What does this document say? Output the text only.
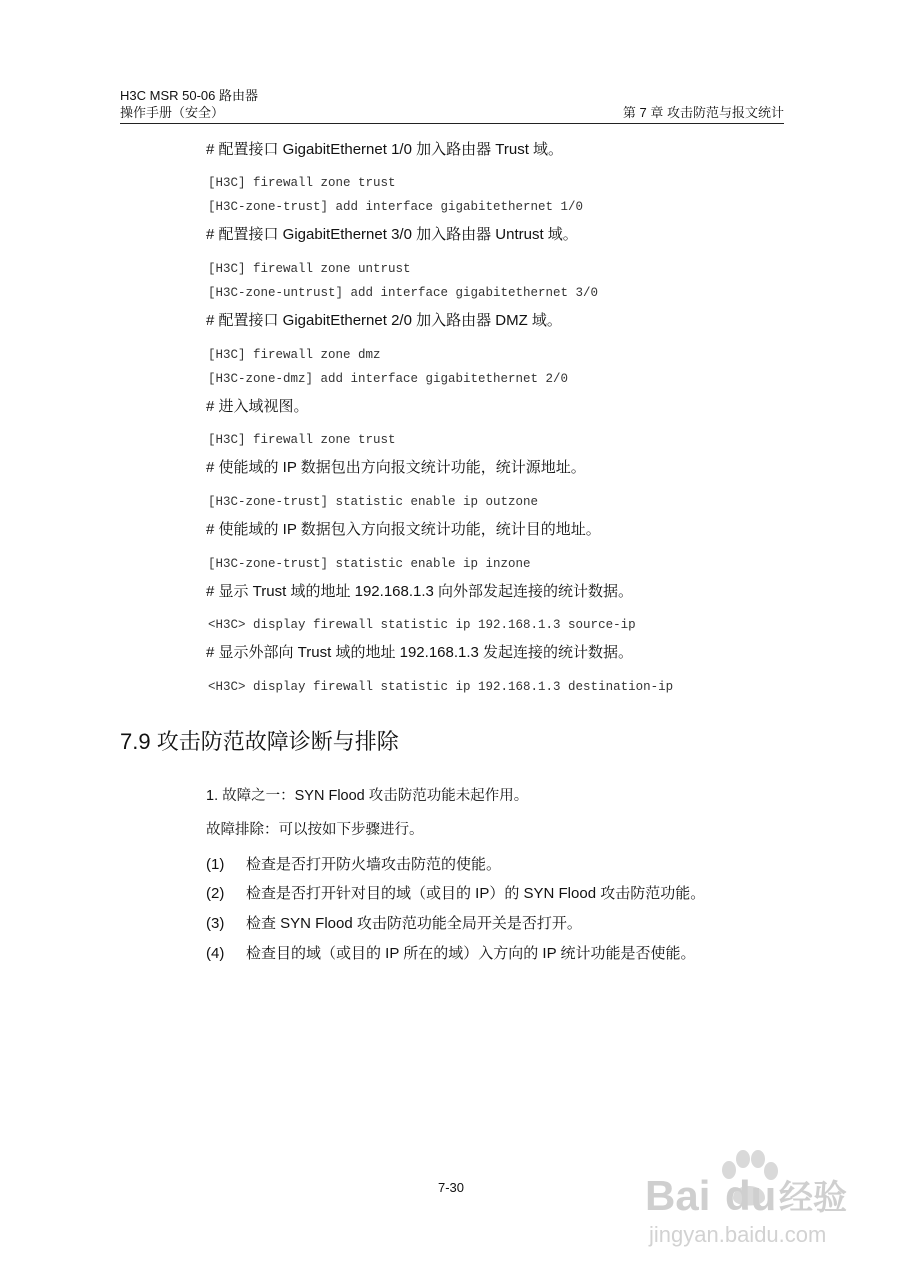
H3C MSR 50-06 路由器
操作手册（安全）	第 7 章 攻击防范与报文统计
# 配置接口 GigabitEthernet 1/0 加入路由器 Trust 域。
[H3C] firewall zone trust
[H3C-zone-trust] add interface gigabitethernet 1/0
# 配置接口 GigabitEthernet 3/0 加入路由器 Untrust 域。
[H3C] firewall zone untrust
[H3C-zone-untrust] add interface gigabitethernet 3/0
# 配置接口 GigabitEthernet 2/0 加入路由器 DMZ 域。
[H3C] firewall zone dmz
[H3C-zone-dmz] add interface gigabitethernet 2/0
# 进入域视图。
[H3C] firewall zone trust
# 使能域的 IP 数据包出方向报文统计功能，统计源地址。
[H3C-zone-trust] statistic enable ip outzone
# 使能域的 IP 数据包入方向报文统计功能，统计目的地址。
[H3C-zone-trust] statistic enable ip inzone
# 显示 Trust 域的地址 192.168.1.3 向外部发起连接的统计数据。
<H3C> display firewall statistic ip 192.168.1.3 source-ip
# 显示外部向 Trust 域的地址 192.168.1.3 发起连接的统计数据。
<H3C> display firewall statistic ip 192.168.1.3 destination-ip
7.9 攻击防范故障诊断与排除
1. 故障之一：SYN Flood 攻击防范功能未起作用。
故障排除：可以按如下步骤进行。
(1) 检查是否打开防火墙攻击防范的使能。
(2) 检查是否打开针对目的域（或目的 IP）的 SYN Flood 攻击防范功能。
(3) 检查 SYN Flood 攻击防范功能全局开关是否打开。
(4) 检查目的域（或目的 IP 所在的域）入方向的 IP 统计功能是否使能。
7-30	Bai du 经验
jingyan.baidu.com
